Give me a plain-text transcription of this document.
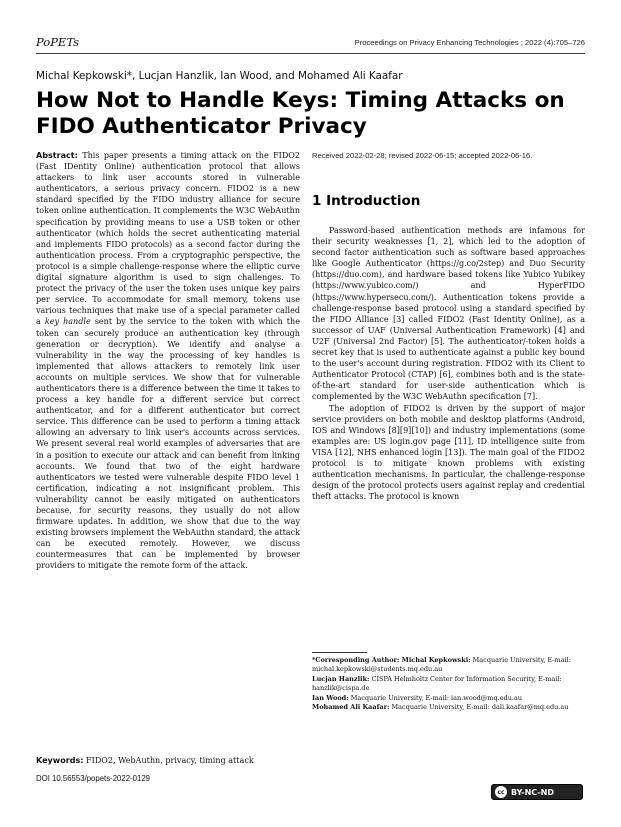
PoPETs	Proceedings on Privacy Enhancing Technologies ; 2022 (4):705–726
Michal Kepkowski*, Lucjan Hanzlik, Ian Wood, and Mohamed Ali Kaafar
How Not to Handle Keys: Timing Attacks on FIDO Authenticator Privacy
Abstract: This paper presents a timing attack on the FIDO2 (Fast IDentity Online) authentication protocol that allows attackers to link user accounts stored in vulnerable authenticators, a serious privacy concern. FIDO2 is a new standard specified by the FIDO industry alliance for secure token online authentication. It complements the W3C WebAuthn specification by providing means to use a USB token or other authenticator (which holds the secret authenticating material and implements FIDO protocols) as a second factor during the authentication process. From a cryptographic perspective, the protocol is a simple challenge-response where the elliptic curve digital signature algorithm is used to sign challenges. To protect the privacy of the user the token uses unique key pairs per service. To accommodate for small memory, tokens use various techniques that make use of a special parameter called a key handle sent by the service to the token with which the token can securely produce an authentication key (through generation or decryption). We identify and analyse a vulnerability in the way the processing of key handles is implemented that allows attackers to remotely link user accounts on multiple services. We show that for vulnerable authenticators there is a difference between the time it takes to process a key handle for a different service but correct authenticator, and for a different authenticator but correct service. This difference can be used to perform a timing attack allowing an adversary to link user's accounts across services. We present several real world examples of adversaries that are in a position to execute our attack and can benefit from linking accounts. We found that two of the eight hardware authenticators we tested were vulnerable despite FIDO level 1 certification, indicating a not insignificant problem. This vulnerability cannot be easily mitigated on authenticators because, for security reasons, they usually do not allow firmware updates. In addition, we show that due to the way existing browsers implement the WebAuthn standard, the attack can be executed remotely. However, we discuss countermeasures that can be implemented by browser providers to mitigate the remote form of the attack.
Keywords: FIDO2, WebAuthn, privacy, timing attack
DOI 10.56553/popets-2022-0129
Received 2022-02-28; revised 2022-06-15; accepted 2022-06-16.
1 Introduction

Password-based authentication methods are infamous for their security weaknesses [1, 2], which led to the adoption of second factor authentication such as software based approaches like Google Authenticator (https://g.co/2step) and Duo Security (https://duo.com), and hardware based tokens like Yubico Yubikey (https://www.yubico.com/) and HyperFIDO (https://www.hypersecu.com/). Authentication tokens provide a challenge-response based protocol using a standard specified by the FIDO Alliance [3] called FIDO2 (Fast Identity Online), as a successor of UAF (Universal Authentication Framework) [4] and U2F (Universal 2nd Factor) [5]. The authenticator/-token holds a secret key that is used to authenticate against a public key bound to the user's account during registration. FIDO2 with its Client to Authenticator Protocol (CTAP) [6], combines both and is the state-of-the-art standard for user-side authentication which is complemented by the W3C WebAuthn specification [7].

The adoption of FIDO2 is driven by the support of major service providers on both mobile and desktop platforms (Android, IOS and Windows [8][9][10]) and industry implementations (some examples are: US login.gov page [11], ID intelligence suite from VISA [12], NHS enhanced login [13]). The main goal of the FIDO2 protocol is to mitigate known problems with existing authentication mechanisms. In particular, the challenge-response design of the protocol protects users against replay and credential theft attacks. The protocol is known

*Corresponding Author: Michal Kepkowski: Macquarie University, E-mail: michal.kepkowski@students.mq.edu.au
Lucjan Hanzlik: CISPA Helmholtz Center for Information Security, E-mail: hanzlik@cispa.de
Ian Wood: Macquarie University, E-mail: ian.wood@mq.edu.au
Mohamed Ali Kaafar: Macquarie University, E-mail: dali.kaafar@mq.edu.au
cc BY-NC-ND
